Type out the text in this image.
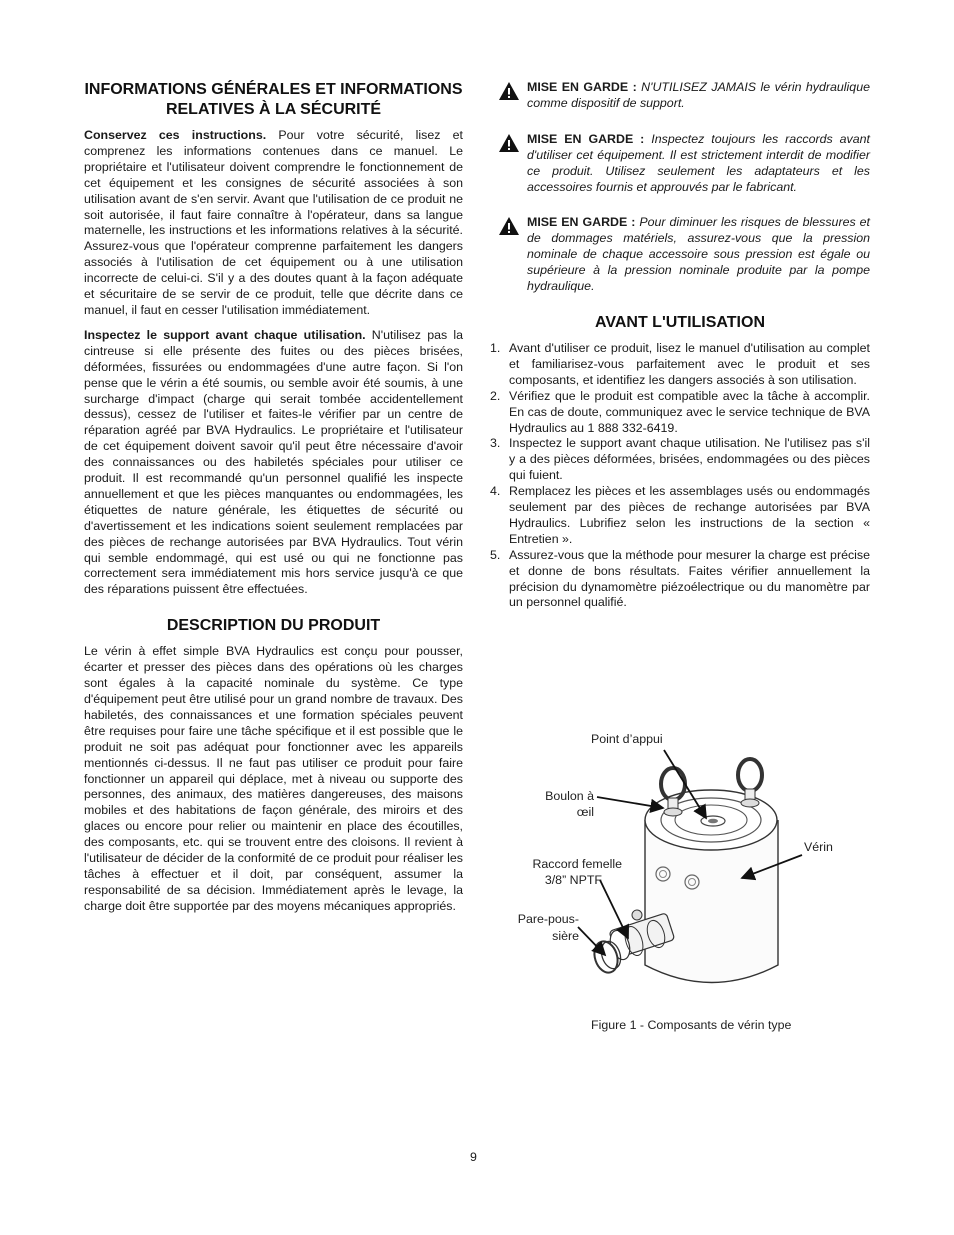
INFORMATIONS GÉNÉRALES ET INFORMATIONS RELATIVES À LA SÉCURITÉ

Conservez ces instructions. Pour votre sécurité, lisez et comprenez les informations contenues dans ce manuel. Le propriétaire et l'utilisateur doivent comprendre le fonctionnement de cet équipement et les consignes de sécurité associées à son utilisation avant de s'en servir. Avant que l'utilisation de ce produit ne soit autorisée, il faut faire connaître à l'opérateur, dans sa langue maternelle, les instructions et les informations relatives à la sécurité. Assurez-vous que l'opérateur comprenne parfaitement les dangers associés à l'utilisation de cet équipement ou à une utilisation incorrecte de celui-ci. S'il y a des doutes quant à la façon adéquate et sécuritaire de se servir de ce produit, telle que décrite dans ce manuel, il faut en cesser l'utilisation immédiatement.

Inspectez le support avant chaque utilisation. N'utilisez pas la cintreuse si elle présente des fuites ou des pièces brisées, déformées, fissurées ou endommagées d'une autre façon. Si l'on pense que le vérin a été soumis, ou semble avoir été soumis, à une surcharge d'impact (charge qui serait tombée accidentellement dessus), cessez de l'utiliser et faites-le vérifier par un centre de réparation agréé par BVA Hydraulics. Le propriétaire et l'utilisateur de cet équipement doivent savoir qu'il peut être nécessaire d'avoir des connaissances ou des habiletés spéciales pour utiliser ce produit. Il est recommandé qu'un personnel qualifié les inspecte annuellement et que les pièces manquantes ou endommagées, les étiquettes de nature générale, les étiquettes de sécurité ou d'avertissement et les indications soient seulement remplacées par des pièces de rechange autorisées par BVA Hydraulics. Tout vérin qui semble endommagé, qui est usé ou qui ne fonctionne pas correctement sera immédiatement mis hors service jusqu'à ce que des réparations puissent être effectuées.

DESCRIPTION DU PRODUIT

Le vérin à effet simple BVA Hydraulics est conçu pour pousser, écarter et presser des pièces dans des opérations où les charges sont égales à la capacité nominale du système. Ce type d'équipement peut être utilisé pour un grand nombre de travaux. Des habiletés, des connaissances et une formation spéciales peuvent être requises pour faire une tâche spécifique et il est possible que le produit ne soit pas adéquat pour fonctionner avec les appareils mentionnés ci-dessus. Il ne faut pas utiliser ce produit pour faire fonctionner un appareil qui déplace, met à niveau ou supporte des personnes, des animaux, des matières dangereuses, des maisons mobiles et des habitations de façon générale, des miroirs et des glaces ou encore pour relier ou maintenir en place des écoutilles, des composants, etc. qui se trouvent entre des cloisons. Il revient à l'utilisateur de décider de la conformité de ce produit pour réaliser les tâches à effectuer et il doit, par conséquent, assumer la responsabilité de sa décision. Immédiatement après le levage, la charge doit être supportée par des moyens mécaniques appropriés.

MISE EN GARDE : N'UTILISEZ JAMAIS le vérin hydraulique comme dispositif de support.

MISE EN GARDE : Inspectez toujours les raccords avant d'utiliser cet équipement. Il est strictement interdit de modifier ce produit. Utilisez seulement les adaptateurs et les accessoires fournis et approuvés par le fabricant.

MISE EN GARDE : Pour diminuer les risques de blessures et de dommages matériels, assurez-vous que la pression nominale de chaque accessoire sous pression est égale ou supérieure à la pression nominale produite par la pompe hydraulique.

AVANT L'UTILISATION
1. Avant d'utiliser ce produit, lisez le manuel d'utilisation au complet et familiarisez-vous parfaitement avec le produit et ses composants, et identifiez les dangers associés à son utilisation.
2. Vérifiez que le produit est compatible avec la tâche à accomplir. En cas de doute, communiquez avec le service technique de BVA Hydraulics au 1 888 332-6419.
3. Inspectez le support avant chaque utilisation. Ne l'utilisez pas s'il y a des pièces déformées, brisées, endommagées ou des pièces qui fuient.
4. Remplacez les pièces et les assemblages usés ou endommagés seulement par des pièces de rechange autorisées par BVA Hydraulics. Lubrifiez selon les instructions de la section « Entretien ».
5. Assurez-vous que la méthode pour mesurer la charge est précise et donne de bons résultats. Faites vérifier annuellement la précision du dynamomètre piézoélectrique ou du manomètre par un personnel qualifié.
Point d’appui
Boulon à
œil
Vérin
Raccord femelle
3/8” NPTF
Pare-pous-
sière
Figure 1 - Composants de vérin type
9
